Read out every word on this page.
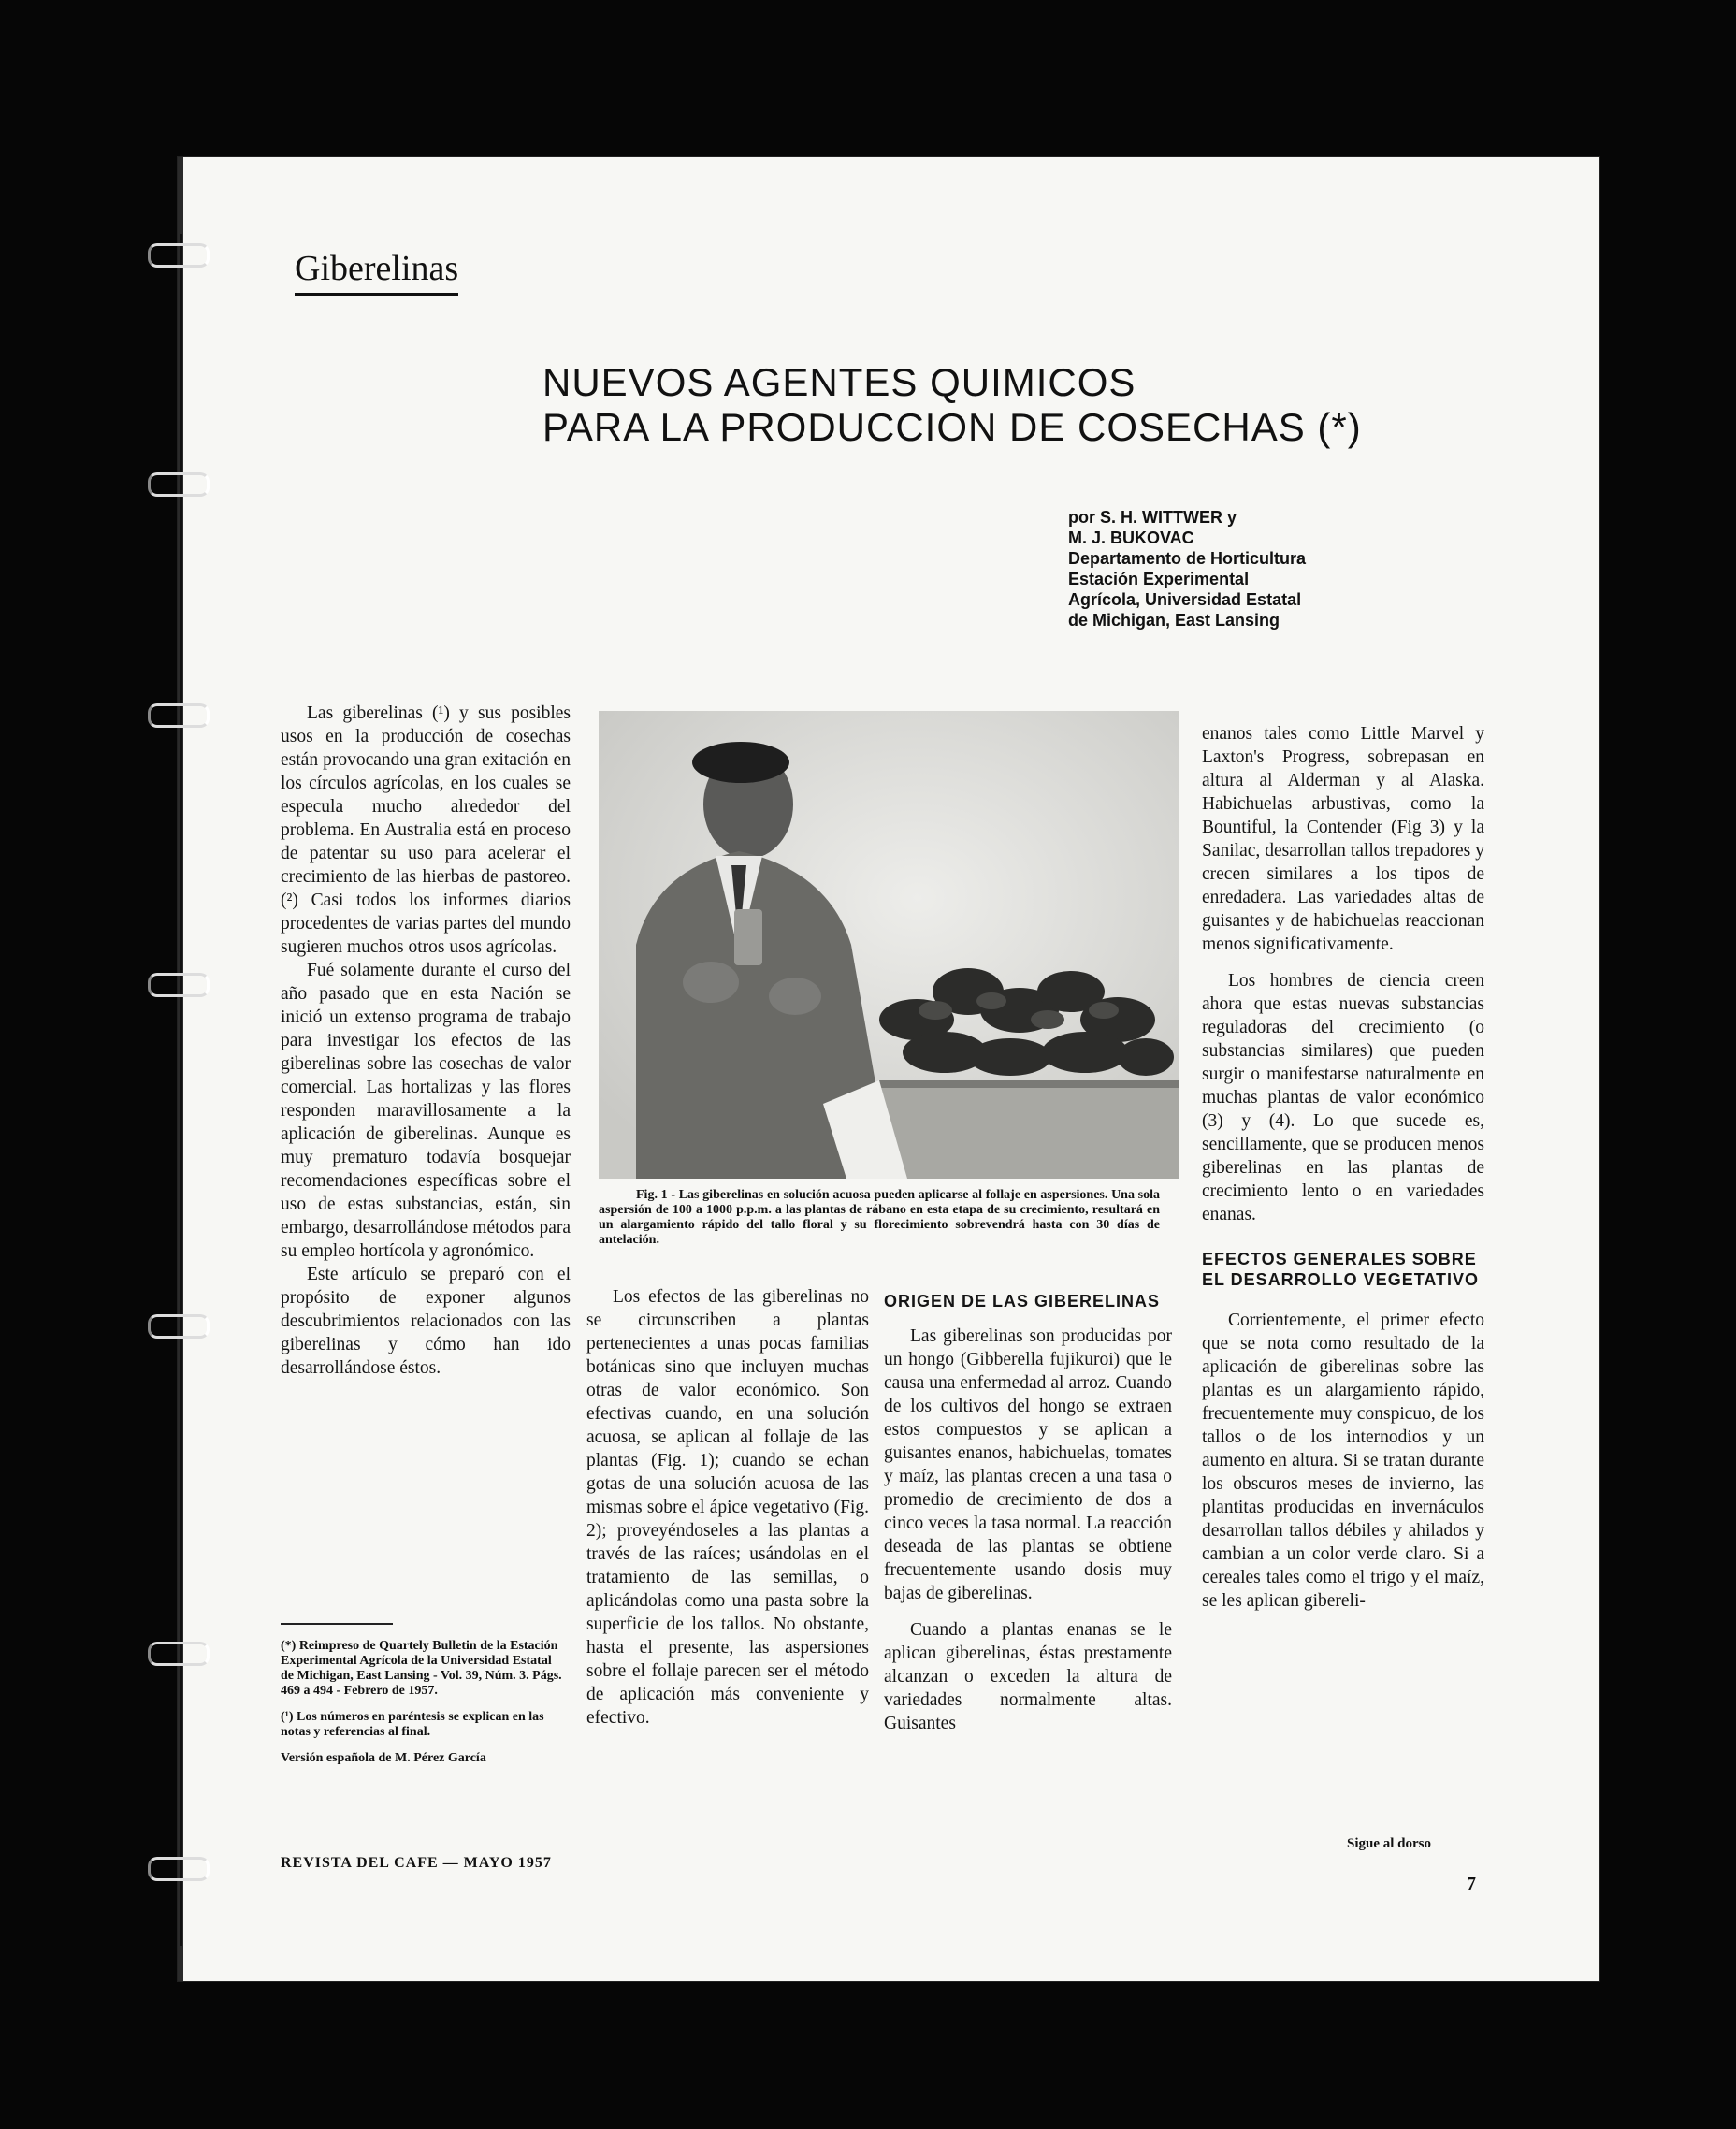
Giberelinas
NUEVOS AGENTES QUIMICOS
PARA LA PRODUCCION DE COSECHAS (*)
por S. H. WITTWER y
M. J. BUKOVAC
Departamento de Horticultura
Estación Experimental
Agrícola, Universidad Estatal
de Michigan, East Lansing

Las giberelinas (¹) y sus posibles usos en la producción de cosechas están provocando una gran exitación en los círculos agrícolas, en los cuales se especula mucho alrededor del problema. En Australia está en proceso de patentar su uso para acelerar el crecimiento de las hierbas de pastoreo.(²) Casi todos los informes diarios procedentes de varias partes del mundo sugieren muchos otros usos agrícolas.

Fué solamente durante el curso del año pasado que en esta Nación se inició un extenso programa de trabajo para investigar los efectos de las giberelinas sobre las cosechas de valor comercial. Las hortalizas y las flores responden maravillosamente a la aplicación de giberelinas. Aunque es muy prematuro todavía bosquejar recomendaciones específicas sobre el uso de estas substancias, están, sin embargo, desarrollándose métodos para su empleo hortícola y agronómico.

Este artículo se preparó con el propósito de exponer algunos descubrimientos relacionados con las giberelinas y cómo han ido desarrollándose éstos.

(*) Reimpreso de Quartely Bulletin de la Estación Experimental Agrícola de la Universidad Estatal de Michigan, East Lansing - Vol. 39, Núm. 3. Págs. 469 a 494 - Febrero de 1957.

(¹) Los números en paréntesis se explican en las notas y referencias al final.

Versión española de M. Pérez García

Fig. 1 - Las giberelinas en solución acuosa pueden aplicarse al follaje en aspersiones. Una sola aspersión de 100 a 1000 p.p.m. a las plantas de rábano en esta etapa de su crecimiento, resultará en un alargamiento rápido del tallo floral y su florecimiento sobrevendrá hasta con 30 días de antelación.

Los efectos de las giberelinas no se circunscriben a plantas pertenecientes a unas pocas familias botánicas sino que incluyen muchas otras de valor económico. Son efectivas cuando, en una solución acuosa, se aplican al follaje de las plantas (Fig. 1); cuando se echan gotas de una solución acuosa de las mismas sobre el ápice vegetativo (Fig. 2); proveyéndoseles a las plantas a través de las raíces; usándolas en el tratamiento de las semillas, o aplicándolas como una pasta sobre la superficie de los tallos. No obstante, hasta el presente, las aspersiones sobre el follaje parecen ser el método de aplicación más conveniente y efectivo.

ORIGEN DE LAS GIBERELINAS

Las giberelinas son producidas por un hongo (Gibberella fujikuroi) que le causa una enfermedad al arroz. Cuando de los cultivos del hongo se extraen estos compuestos y se aplican a guisantes enanos, habichuelas, tomates y maíz, las plantas crecen a una tasa o promedio de crecimiento de dos a cinco veces la tasa normal. La reacción deseada de las plantas se obtiene frecuentemente usando dosis muy bajas de giberelinas.

Cuando a plantas enanas se le aplican giberelinas, éstas prestamente alcanzan o exceden la altura de variedades normalmente altas. Guisantes

enanos tales como Little Marvel y Laxton's Progress, sobrepasan en altura al Alderman y al Alaska. Habichuelas arbustivas, como la Bountiful, la Contender (Fig 3) y la Sanilac, desarrollan tallos trepadores y crecen similares a los tipos de enredadera. Las variedades altas de guisantes y de habichuelas reaccionan menos significativamente.

Los hombres de ciencia creen ahora que estas nuevas substancias reguladoras del crecimiento (o substancias similares) que pueden surgir o manifestarse naturalmente en muchas plantas de valor económico (3) y (4). Lo que sucede es, sencillamente, que se producen menos giberelinas en las plantas de crecimiento lento o en variedades enanas.

EFECTOS GENERALES SOBRE EL DESARROLLO VEGETATIVO

Corrientemente, el primer efecto que se nota como resultado de la aplicación de giberelinas sobre las plantas es un alargamiento rápido, frecuentemente muy conspicuo, de los tallos o de los internodios y un aumento en altura. Si se tratan durante los obscuros meses de invierno, las plantitas producidas en invernáculos desarrollan tallos débiles y ahilados y cambian a un color verde claro. Si a cereales tales como el trigo y el maíz, se les aplican gibereli-

Sigue al dorso
REVISTA DEL CAFE — MAYO 1957
7
